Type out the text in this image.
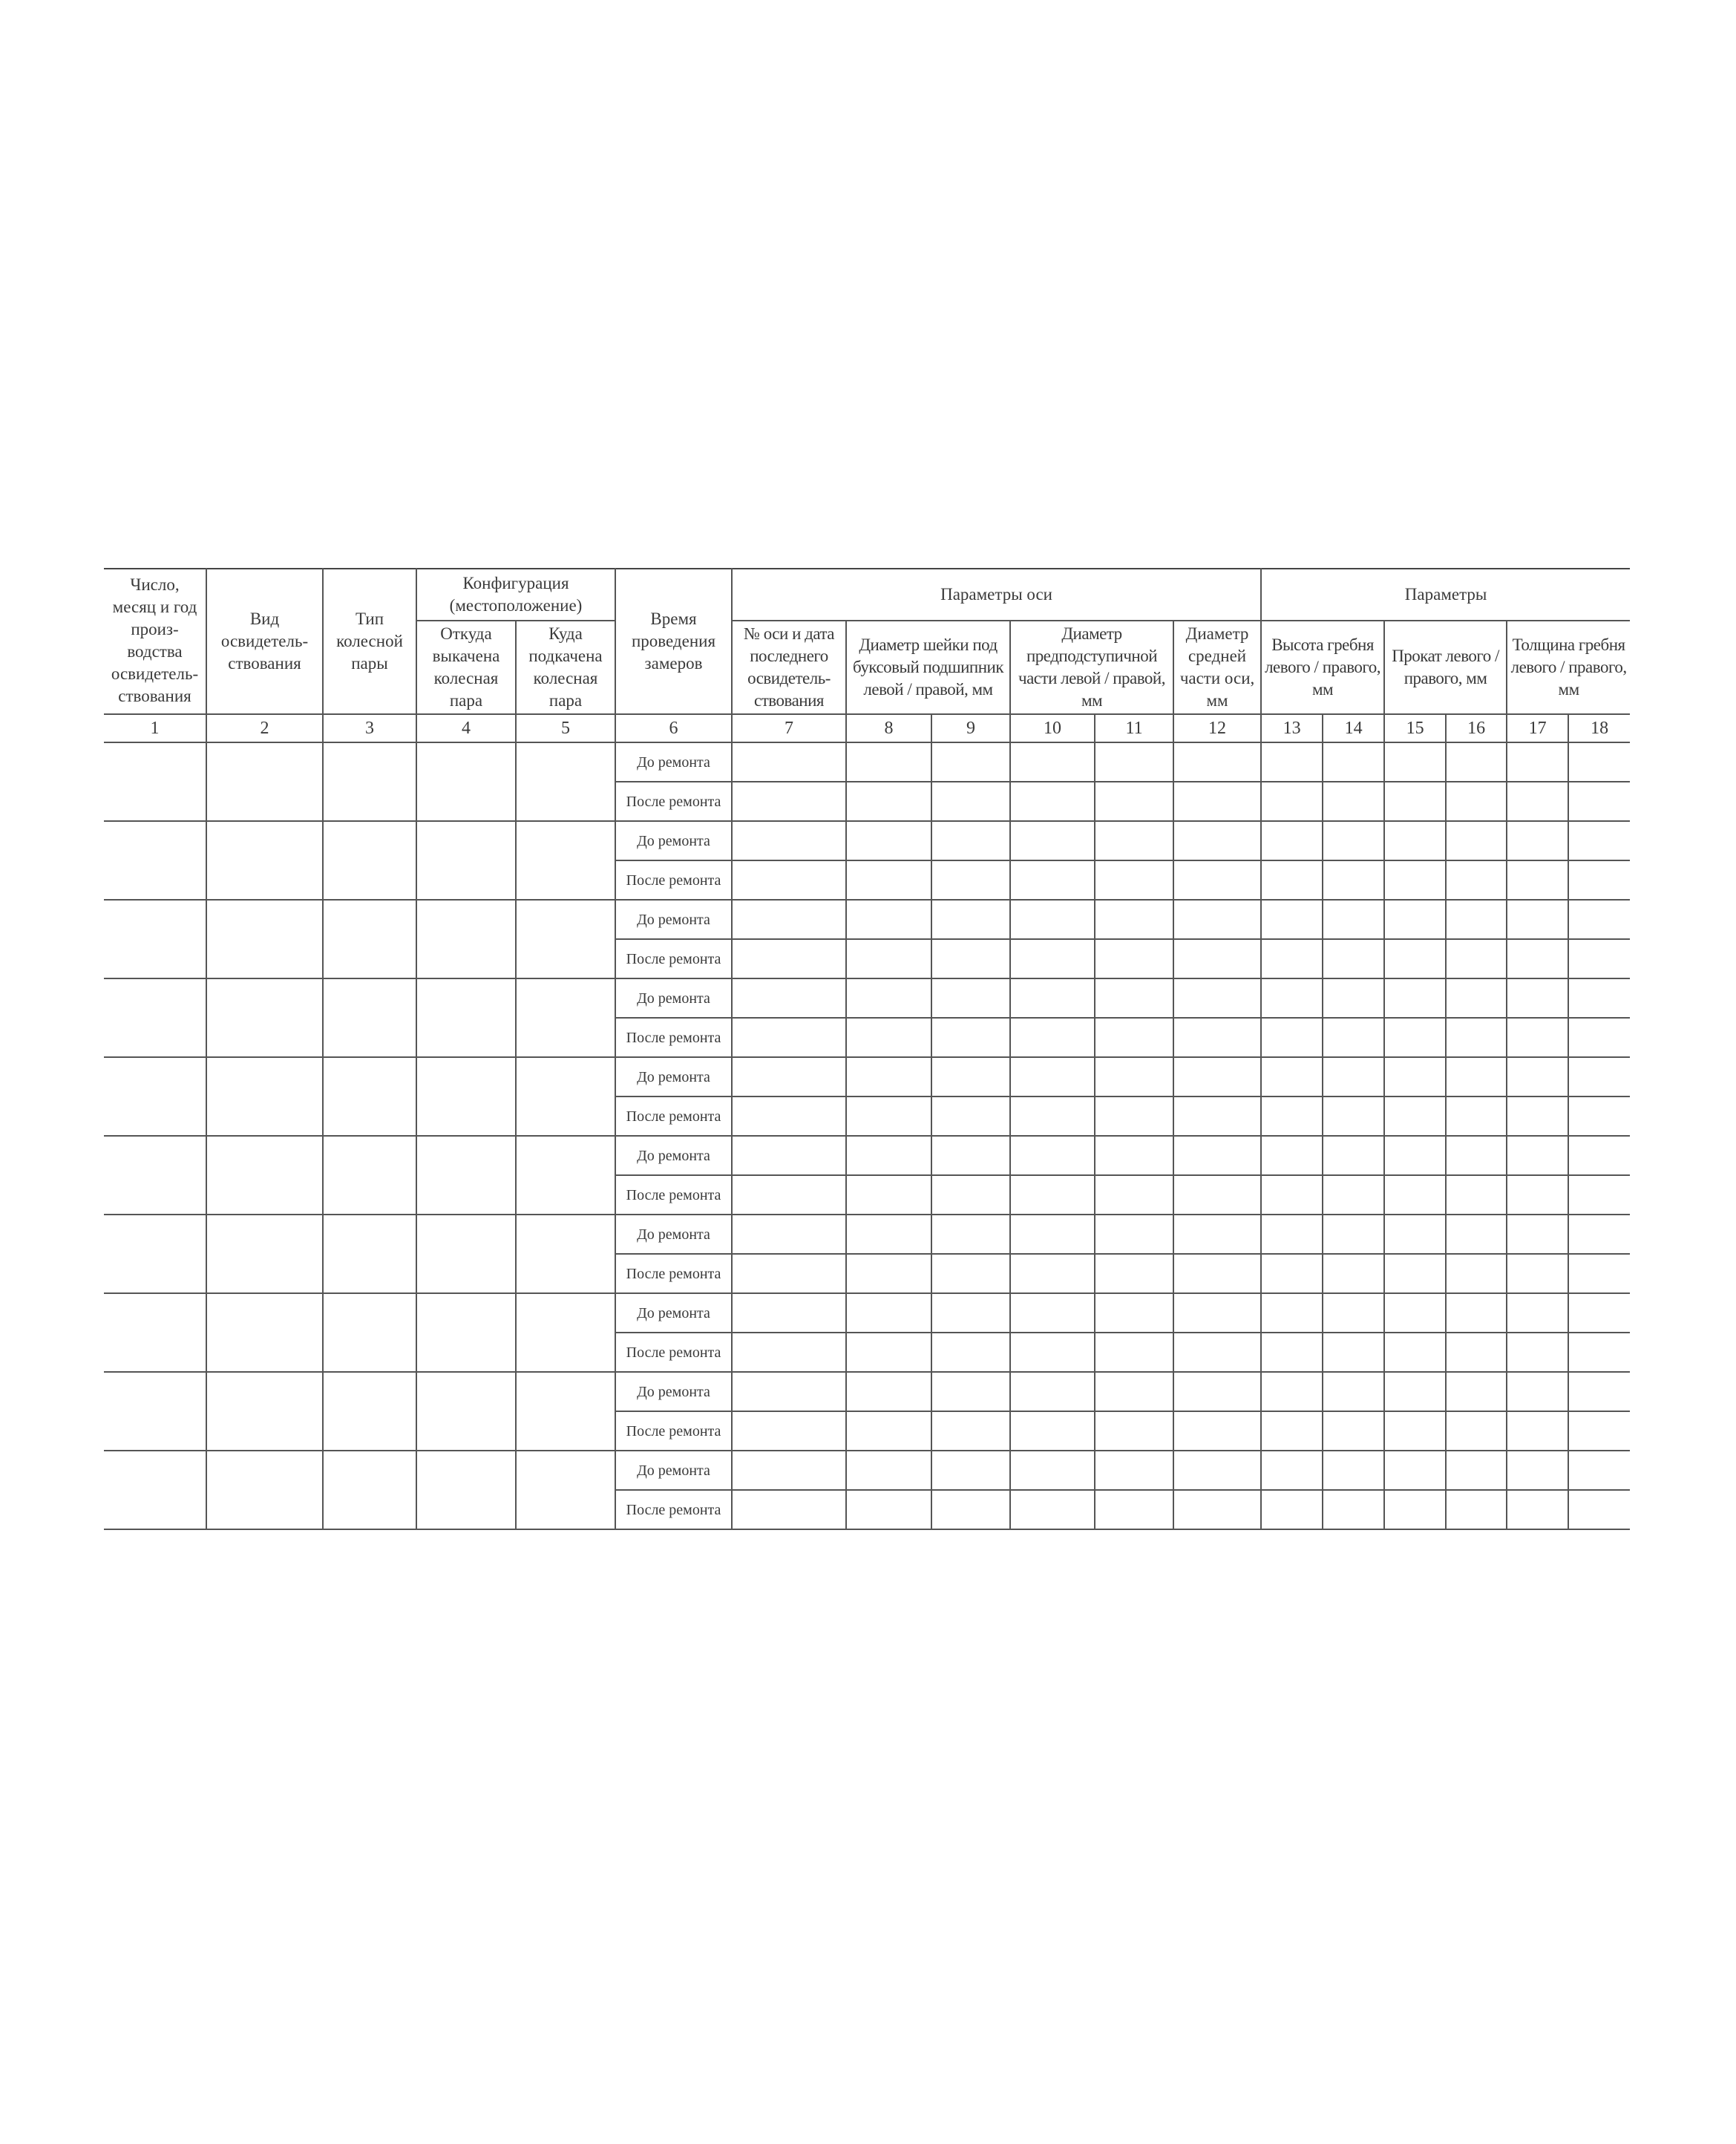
Число, месяц и год произ- водства освидетель- ствования	Вид освидетель- ствования	Тип колесной пары	Конфигурация (местоположение)		Время проведения замеров	Параметры оси						Параметры					
			Откуда выкачена колесная пара	Куда подкачена колесная пара		№ оси и дата последнего освидетель- ствования	Диаметр шейки под буксовый подшипник левой / правой, мм		Диаметр предподступичной части левой / правой, мм		Диаметр средней части оси, мм	Высота гребня левого / правого, мм		Прокат левого / правого, мм		Толщина гребня левого / правого, мм	
1	2	3	4	5	6	7	8	9	10	11	12	13	14	15	16	17	18
					До ремонта												
					После ремонта												
					До ремонта												
					После ремонта												
					До ремонта												
					После ремонта												
					До ремонта												
					После ремонта												
					До ремонта												
					После ремонта												
					До ремонта												
					После ремонта												
					До ремонта												
					После ремонта												
					До ремонта												
					После ремонта												
					До ремонта												
					После ремонта												
					До ремонта												
					После ремонта												
